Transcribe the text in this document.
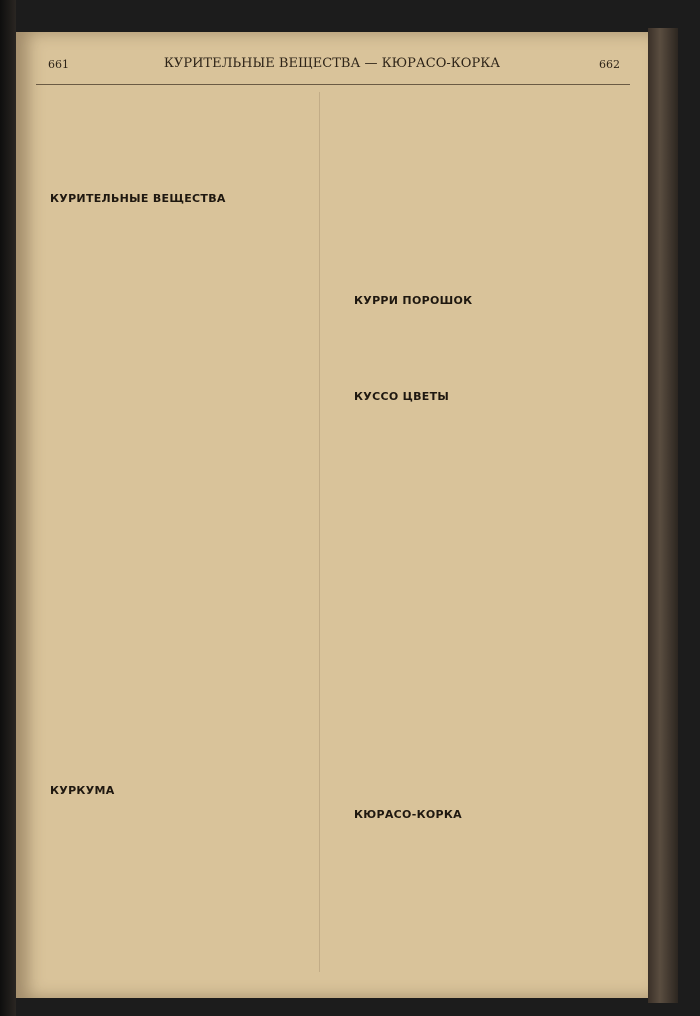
661	КУРИТЕЛЬНЫЕ ВЕЩЕСТВА — КЮРАСО-КОРКА	662
КУРИТЕЛЬНЫЕ ВЕЩЕСТВА
КУРКУМА
КУРРИ ПОРОШОК
КУССО ЦВЕТЫ
КЮРАСО-КОРКА
